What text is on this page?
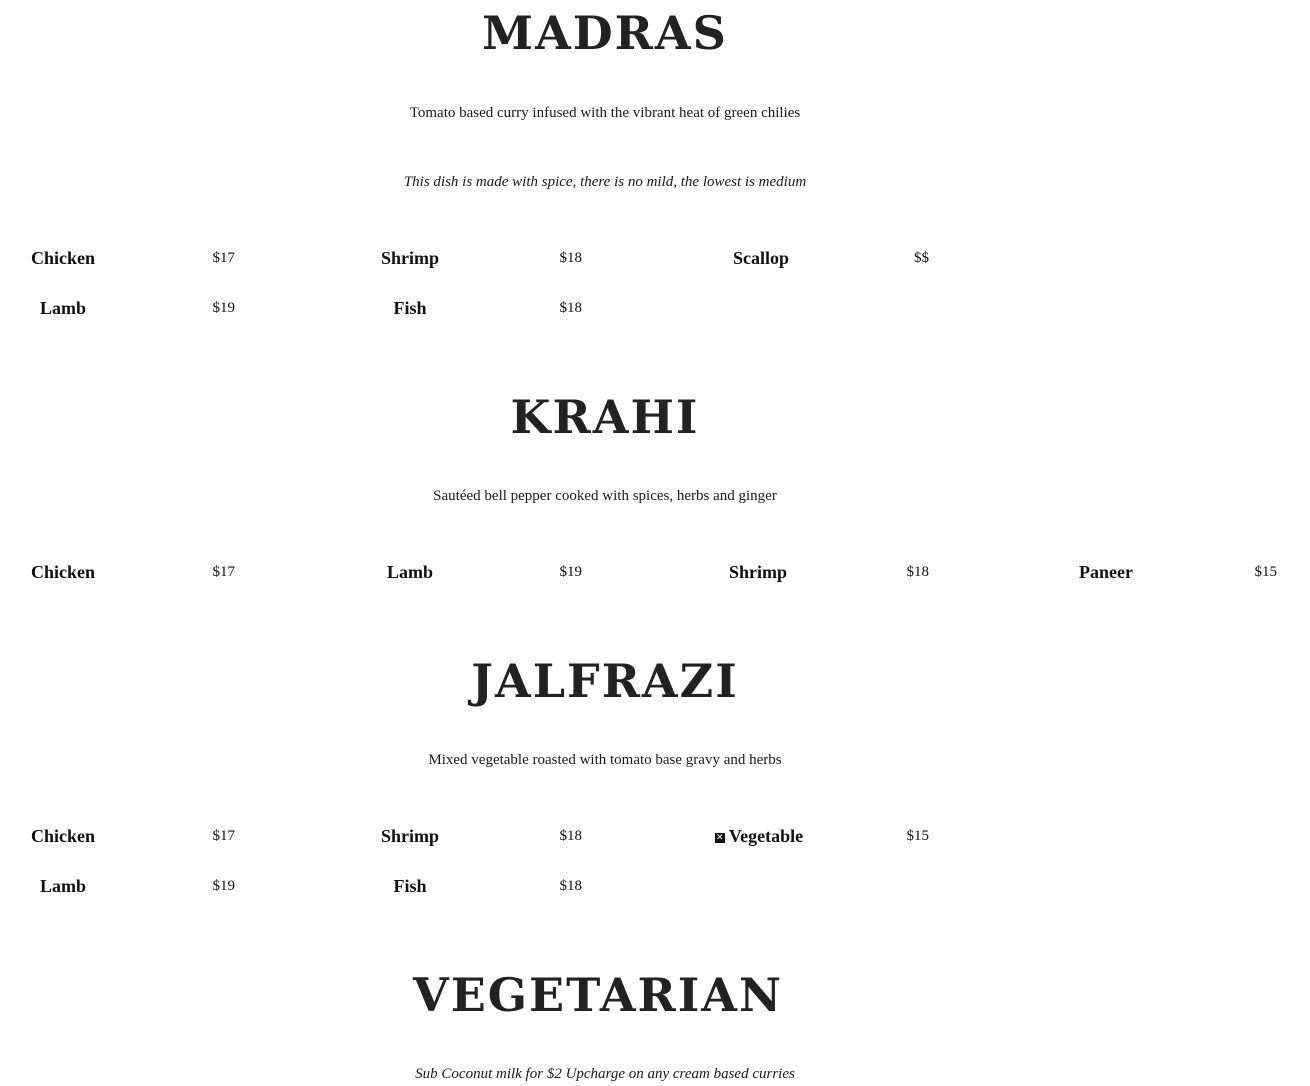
MADRAS

Tomato based curry infused with the vibrant heat of green chilies

This dish is made with spice, there is no mild, the lowest is medium

Chicken	$17	Shrimp	$18	Scallop	$$
Lamb	$19	Fish	$18
KRAHI

Sautéed bell pepper cooked with spices, herbs and ginger

Chicken	$17	Lamb	$19	Shrimp	$18	Paneer	$15
JALFRAZI

Mixed vegetable roasted with tomato base gravy and herbs

Chicken	$17	Shrimp	$18	✕ Vegetable	$15
Lamb	$19	Fish	$18
VEGETARIAN

Sub Coconut milk for $2 Upcharge on any cream based curries
